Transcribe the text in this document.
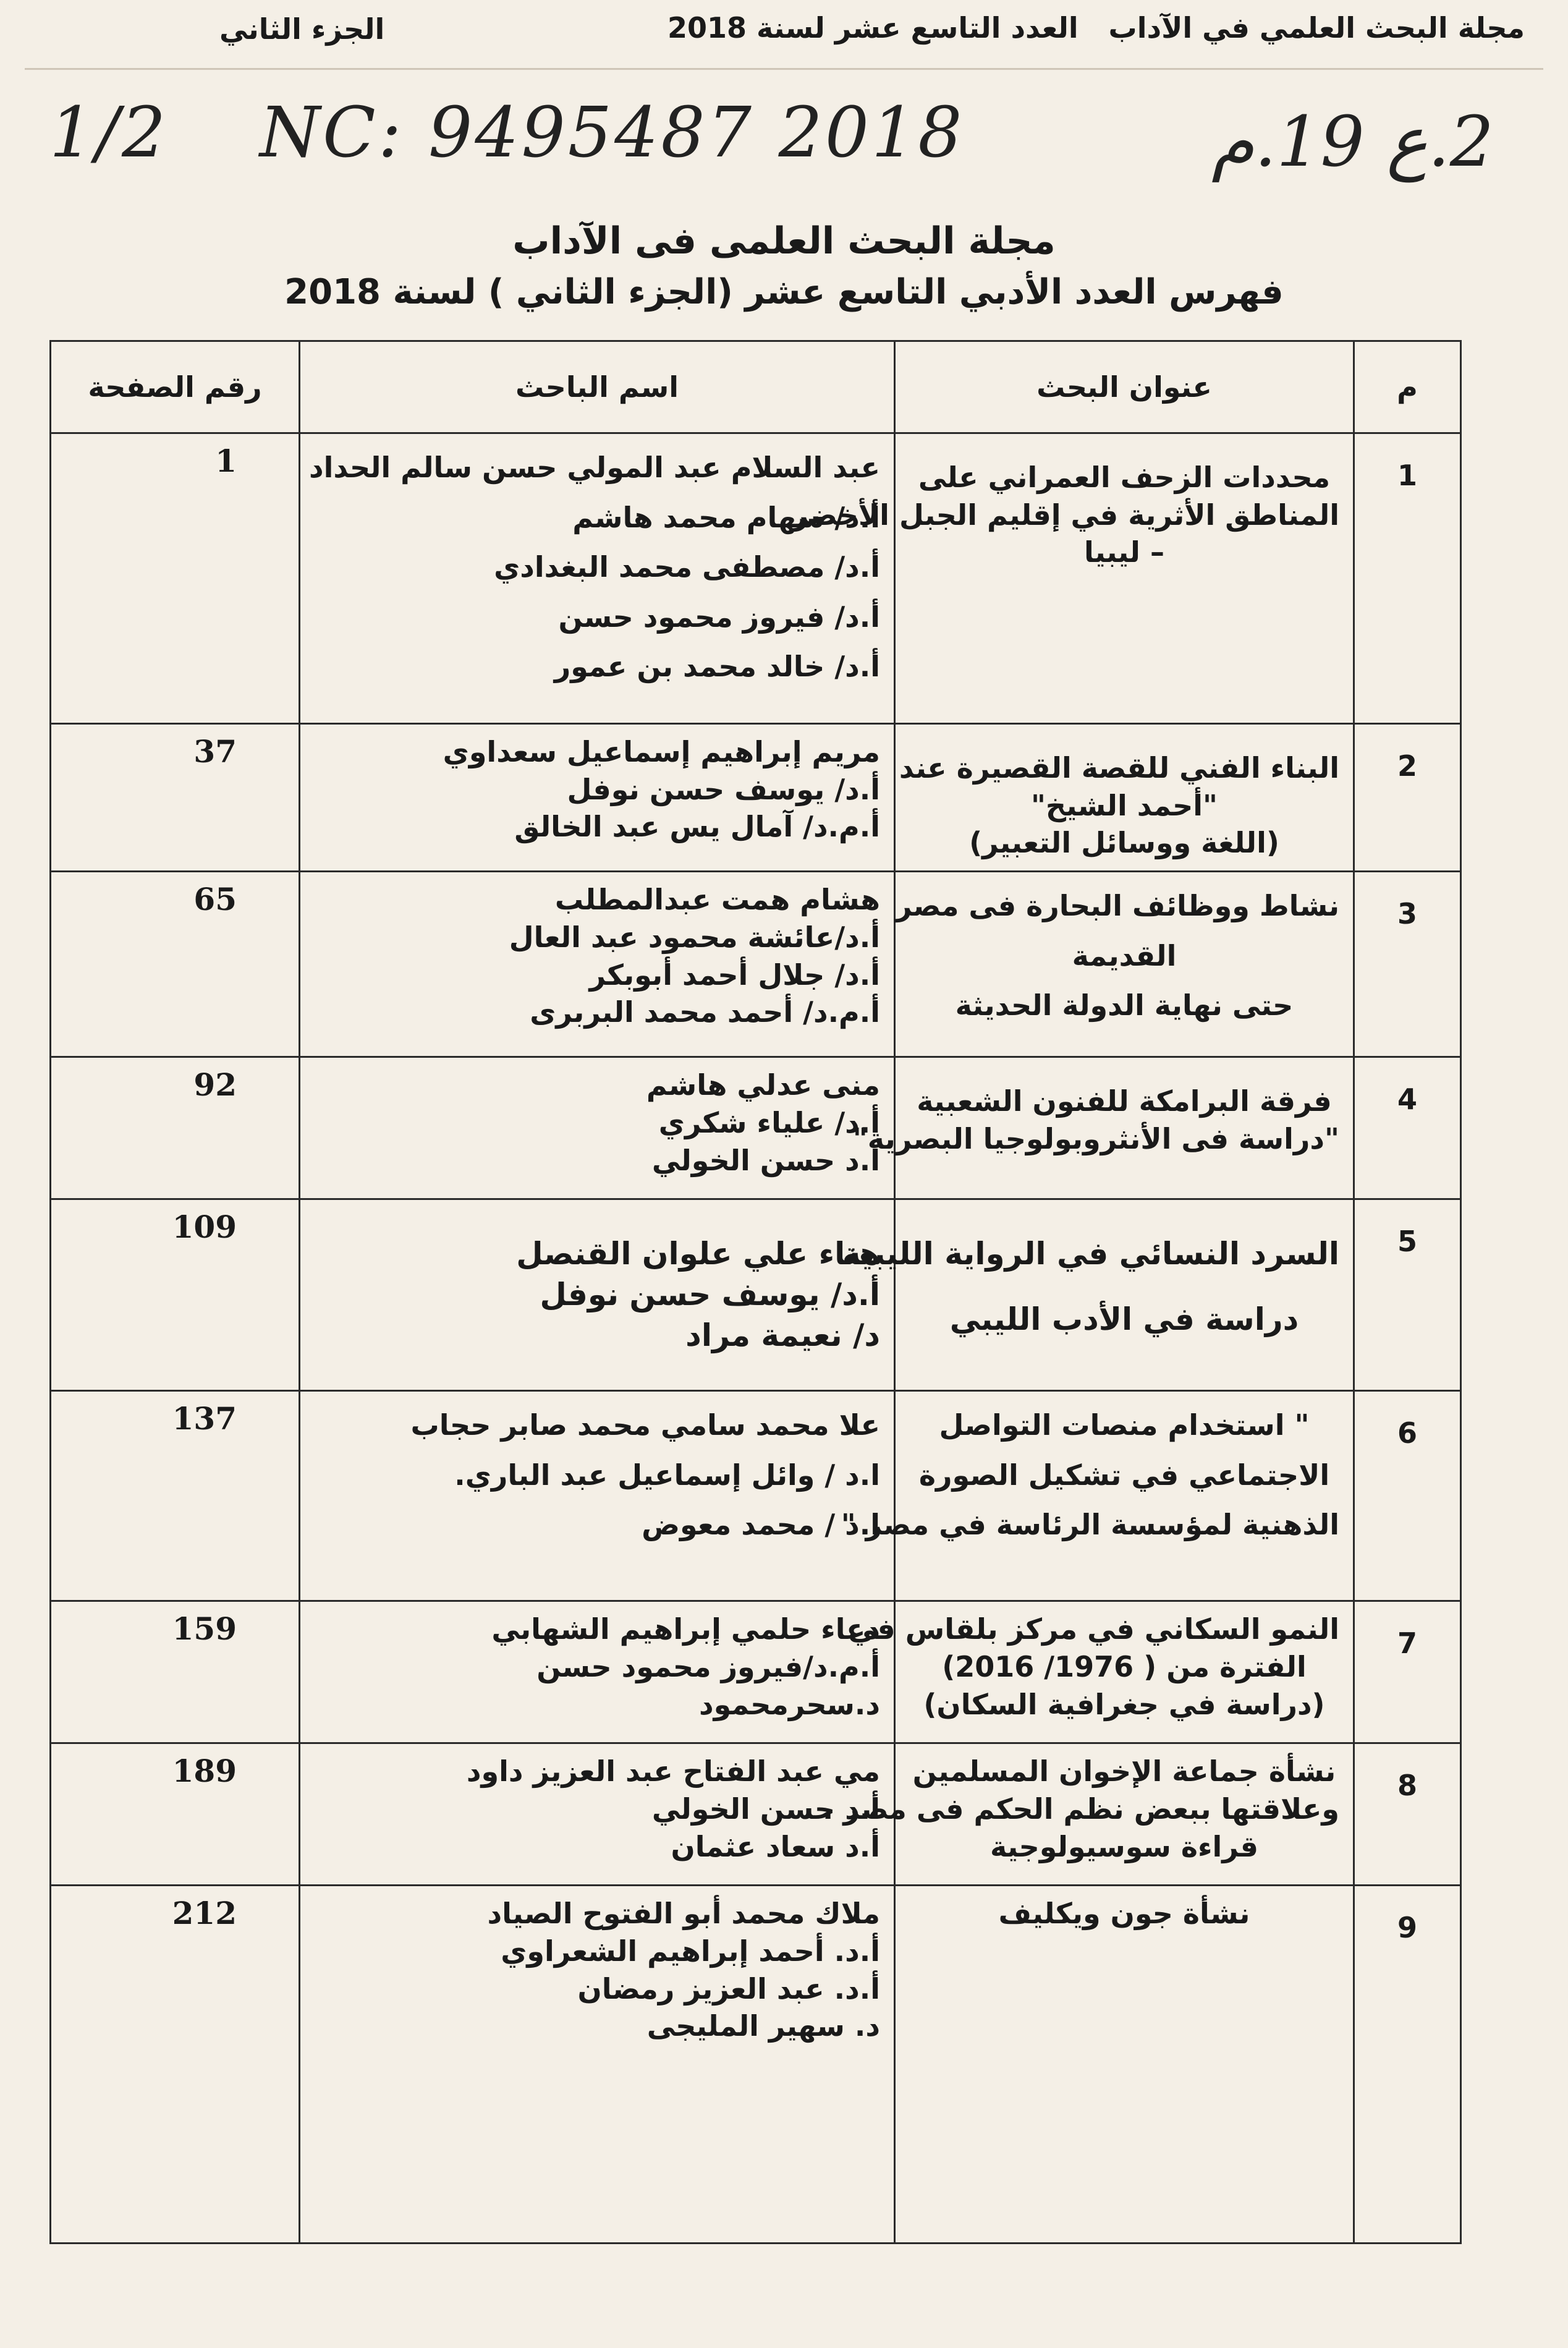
مجلة البحث العلمي في الآداب
العدد التاسع عشر لسنة 2018
الجزء الثاني
1/2 NC: 9495487 2018	2.ع 19.م
مجلة البحث العلمى فى الآداب
فهرس العدد الأدبي التاسع عشر (الجزء الثاني ) لسنة 2018
م	عنوان البحث	اسم الباحث	رقم الصفحة
1	محددات الزحف العمراني على
المناطق الأثرية في إقليم الجبل الأخضر
– ليبيا	عبد السلام عبد المولي حسن سالم الحداد
أ.د/ سهام محمد هاشم
أ.د/ مصطفى محمد البغدادي
أ.د/ فيروز محمود حسن
أ.د/ خالد محمد بن عمور	1
2	البناء الفني للقصة القصيرة عند
"أحمد الشيخ"
(اللغة ووسائل التعبير)	مريم إبراهيم إسماعيل سعداوي
أ.د/ يوسف حسن نوفل
أ.م.د/ آمال يس عبد الخالق	37
3	نشاط ووظائف البحارة فى مصر
القديمة
حتى نهاية الدولة الحديثة	هشام همت عبدالمطلب
أ.د/عائشة محمود عبد العال
أ.د/ جلال أحمد أبوبكر
أ.م.د/ أحمد محمد البربرى	65
4	فرقة البرامكة للفنون الشعبية
"دراسة فى الأنثروبولوجيا البصرية"	منى عدلي هاشم
أ.د/ علياء شكري
ا.د حسن الخولي	92
5	السرد النسائي في الرواية الليبية
دراسة في الأدب الليبي	هناء علي علوان القنصل
أ.د/ يوسف حسن نوفل
د/ نعيمة مراد	109
6	" استخدام منصات التواصل
الاجتماعي في تشكيل الصورة
الذهنية لمؤسسة الرئاسة في مصر "	علا محمد سامي محمد صابر حجاب
ا.د / وائل إسماعيل عبد الباري.
ا.د / محمد معوض	137
7	النمو السكاني في مركز بلقاس في
الفترة من ( 1976/ 2016)
(دراسة في جغرافية السكان)	دعاء حلمي إبراهيم الشهابي
أ.م.د/فيروز محمود حسن
د.سحرمحمود	159
8	نشأة جماعة الإخوان المسلمين
وعلاقتها ببعض نظم الحكم فى مصر .
قراءة سوسيولوجية	مي عبد الفتاح عبد العزيز داود
أ.د حسن الخولي
أ.د سعاد عثمان	189
9	نشأة جون ويكليف	ملاك محمد أبو الفتوح الصياد
أ.د. أحمد إبراهيم الشعراوي
أ.د. عبد العزيز رمضان
د. سهير المليجى	212
